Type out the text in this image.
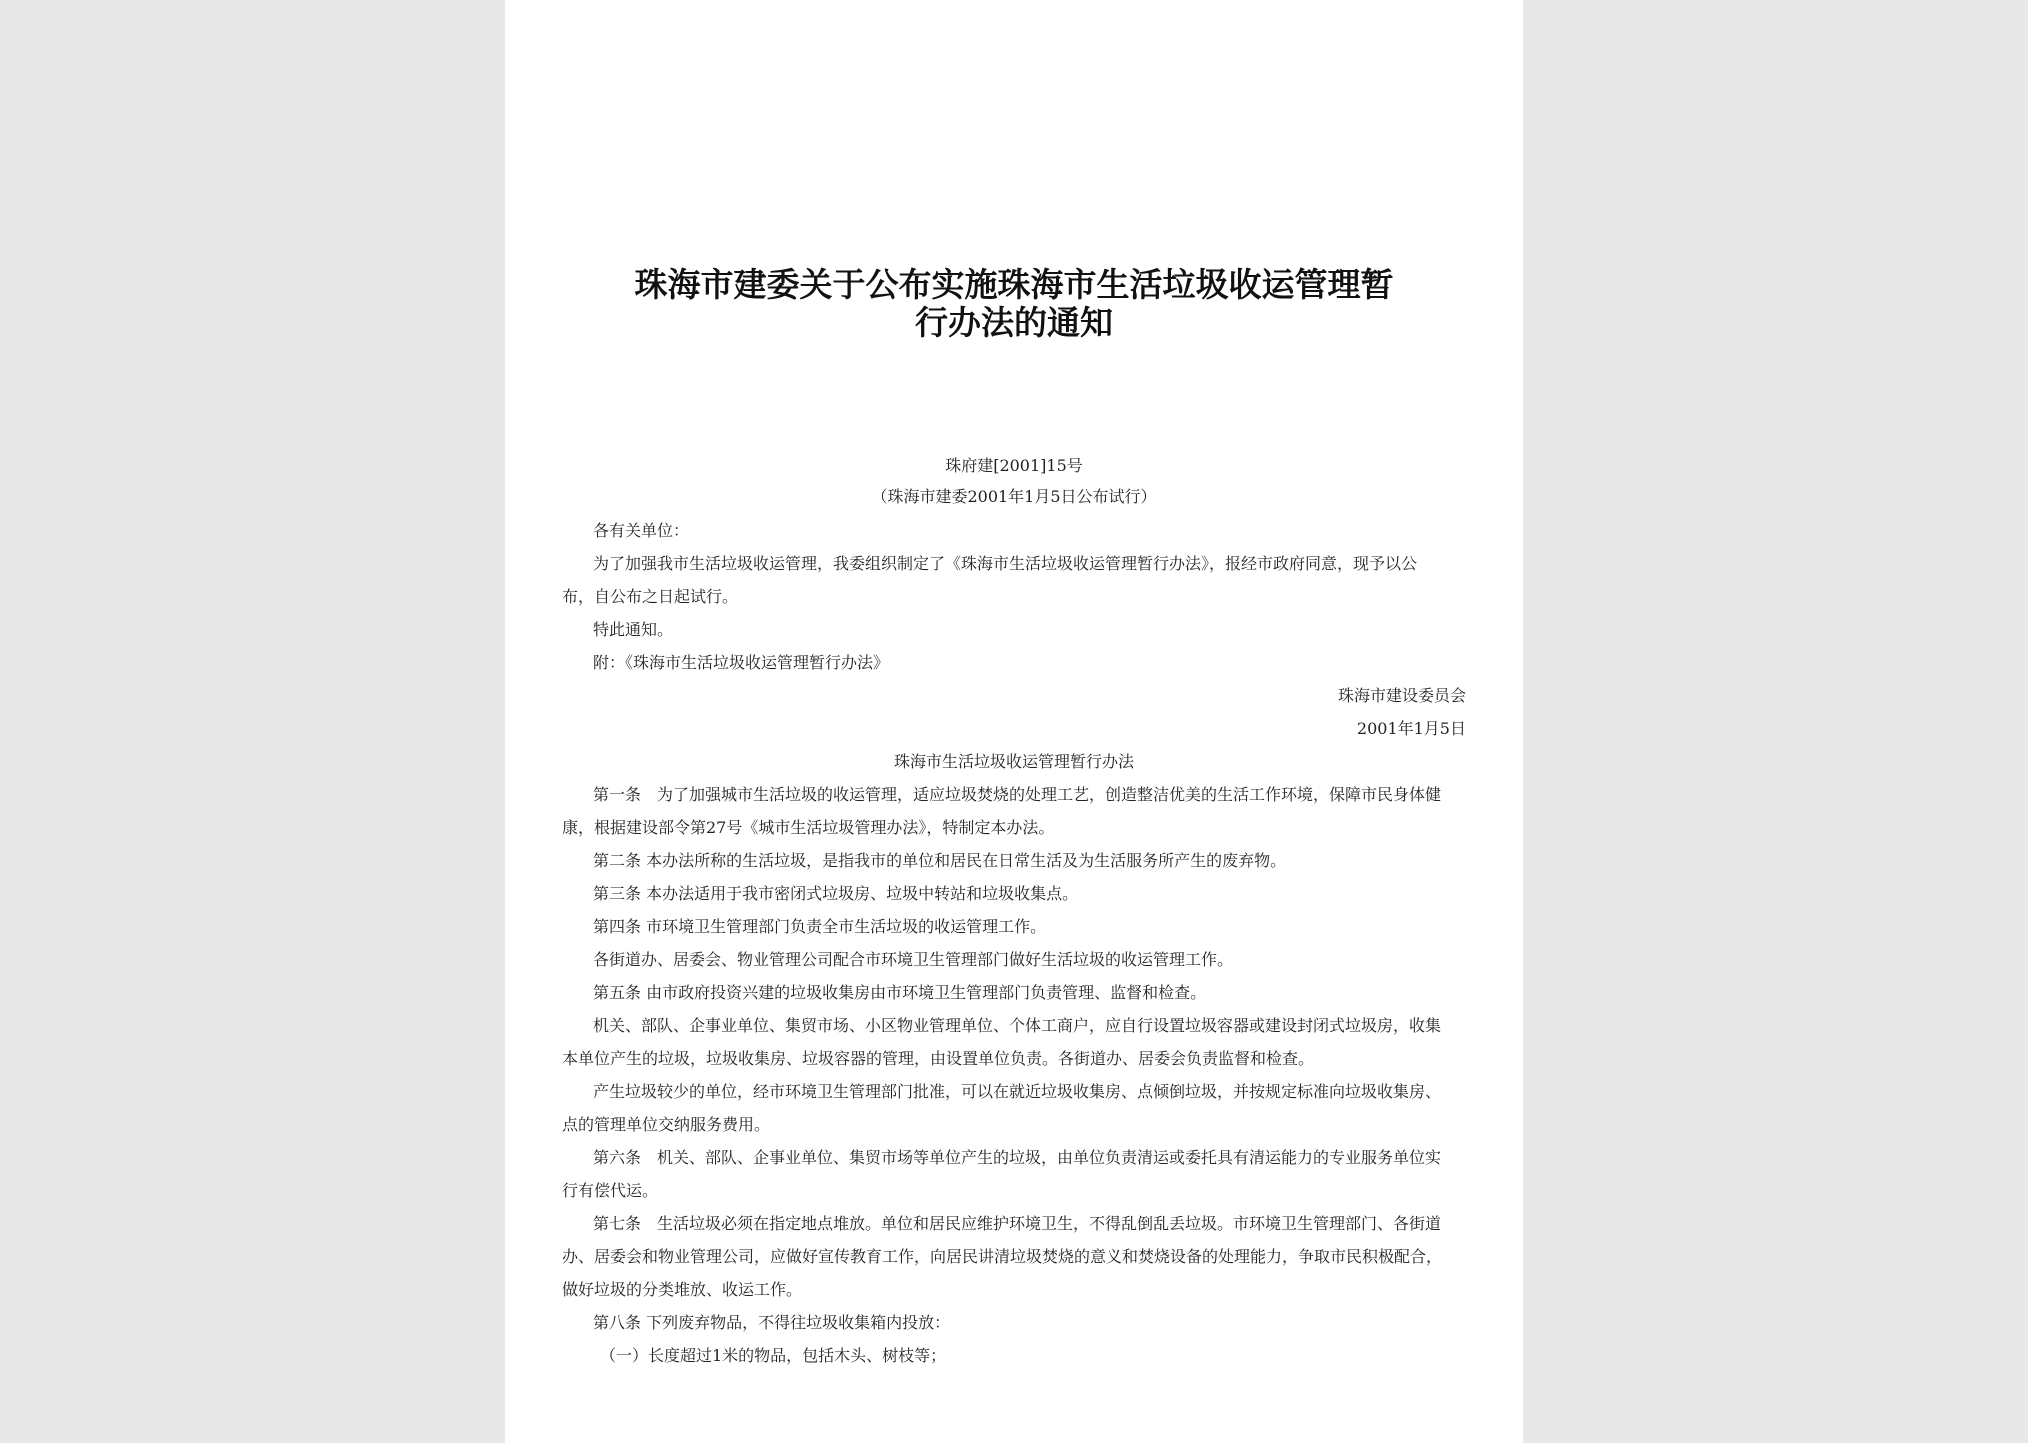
珠海市建委关于公布实施珠海市生活垃圾收运管理暂
行办法的通知
珠府建[2001]15号
（珠海市建委2001年1月5日公布试行）
各有关单位：
为了加强我市生活垃圾收运管理，我委组织制定了《珠海市生活垃圾收运管理暂行办法》，报经市政府同意，现予以公
布，自公布之日起试行。
特此通知。
附：《珠海市生活垃圾收运管理暂行办法》
珠海市建设委员会
2001年1月5日
珠海市生活垃圾收运管理暂行办法
第一条　为了加强城市生活垃圾的收运管理，适应垃圾焚烧的处理工艺，创造整洁优美的生活工作环境，保障市民身体健
康，根据建设部令第27号《城市生活垃圾管理办法》，特制定本办法。
第二条 本办法所称的生活垃圾，是指我市的单位和居民在日常生活及为生活服务所产生的废弃物。
第三条 本办法适用于我市密闭式垃圾房、垃圾中转站和垃圾收集点。
第四条 市环境卫生管理部门负责全市生活垃圾的收运管理工作。
各街道办、居委会、物业管理公司配合市环境卫生管理部门做好生活垃圾的收运管理工作。
第五条 由市政府投资兴建的垃圾收集房由市环境卫生管理部门负责管理、监督和检查。
机关、部队、企事业单位、集贸市场、小区物业管理单位、个体工商户，应自行设置垃圾容器或建设封闭式垃圾房，收集
本单位产生的垃圾，垃圾收集房、垃圾容器的管理，由设置单位负责。各街道办、居委会负责监督和检查。
产生垃圾较少的单位，经市环境卫生管理部门批准，可以在就近垃圾收集房、点倾倒垃圾，并按规定标准向垃圾收集房、
点的管理单位交纳服务费用。
第六条　机关、部队、企事业单位、集贸市场等单位产生的垃圾，由单位负责清运或委托具有清运能力的专业服务单位实
行有偿代运。
第七条　生活垃圾必须在指定地点堆放。单位和居民应维护环境卫生，不得乱倒乱丢垃圾。市环境卫生管理部门、各街道
办、居委会和物业管理公司，应做好宣传教育工作，向居民讲清垃圾焚烧的意义和焚烧设备的处理能力，争取市民积极配合，
做好垃圾的分类堆放、收运工作。
第八条 下列废弃物品，不得往垃圾收集箱内投放：
（一）长度超过1米的物品，包括木头、树枝等；
